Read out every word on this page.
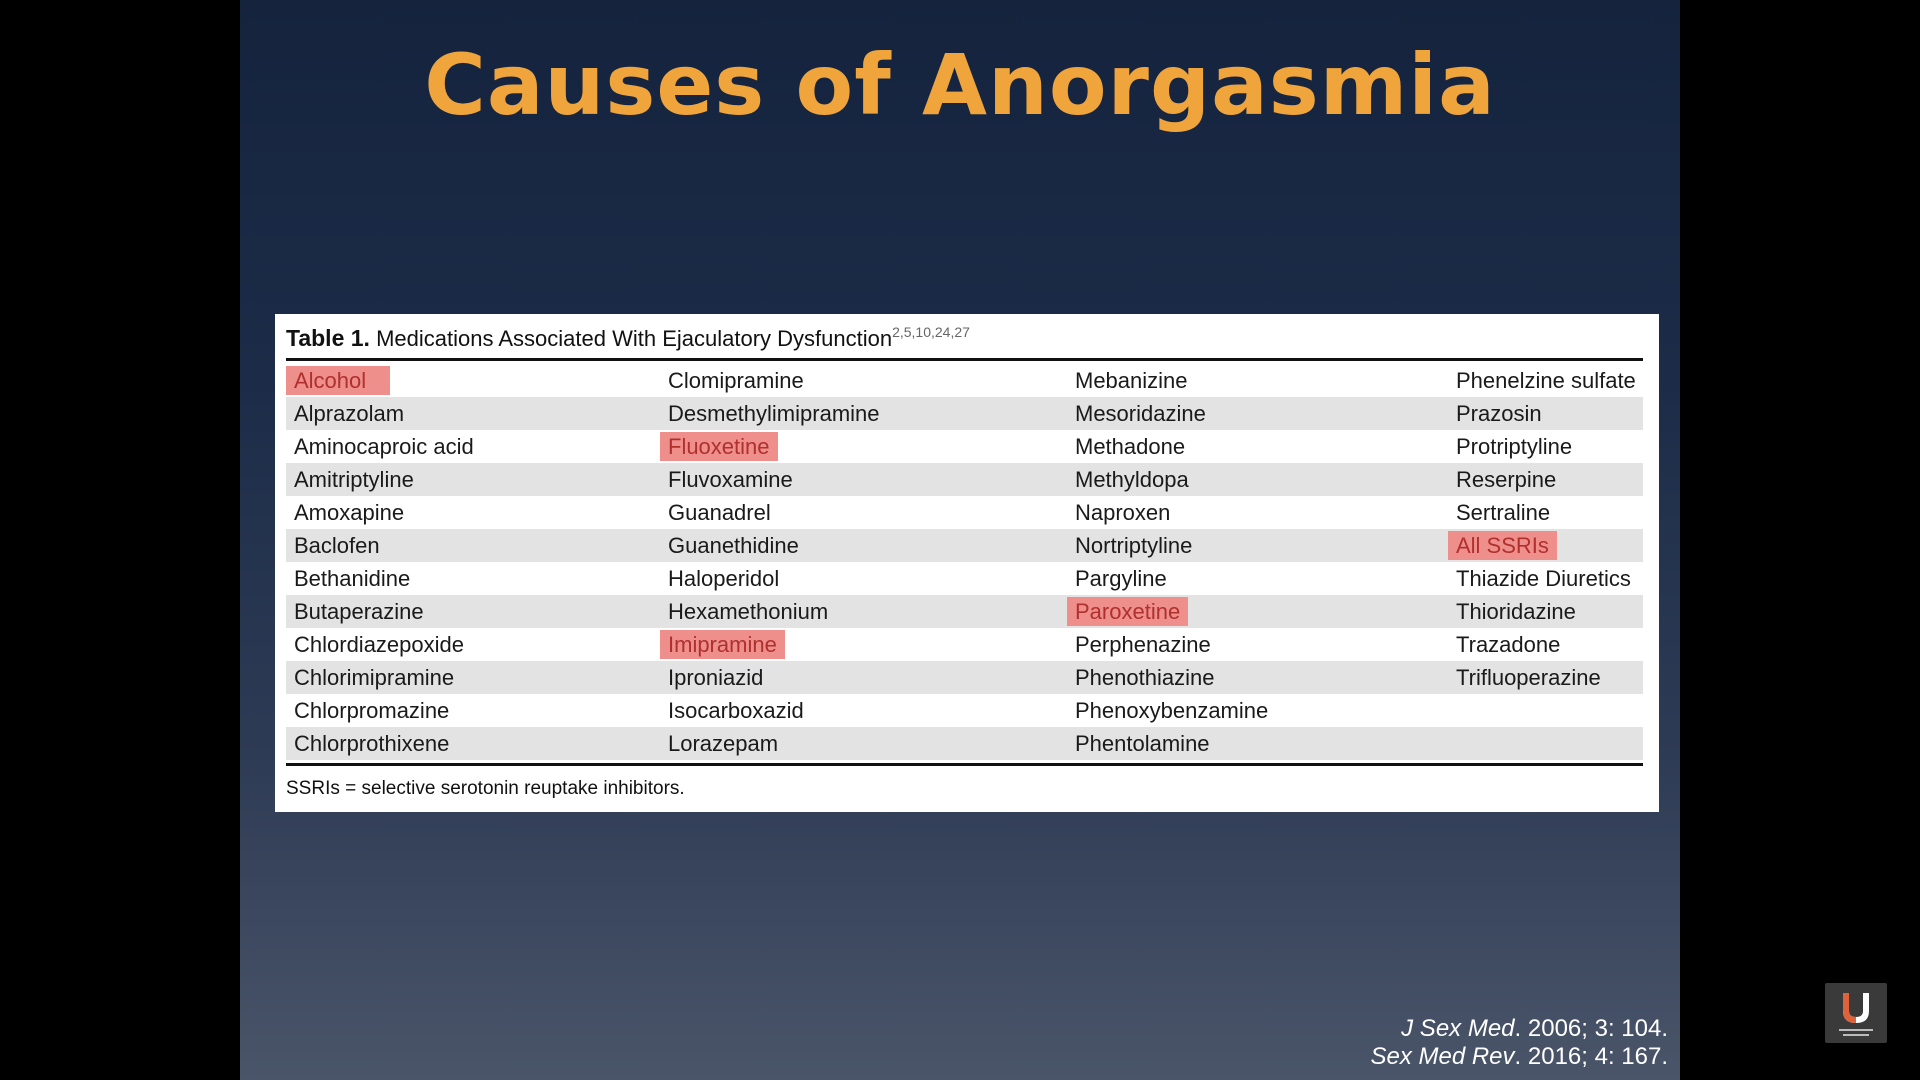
Causes of Anorgasmia
Table 1. Medications Associated With Ejaculatory Dysfunction$^{2,5,10,24,27}$
Alcohol	Clomipramine	Mebanizine	Phenelzine sulfate
Alprazolam	Desmethylimipramine	Mesoridazine	Prazosin
Aminocaproic acid	Fluoxetine	Methadone	Protriptyline
Amitriptyline	Fluvoxamine	Methyldopa	Reserpine
Amoxapine	Guanadrel	Naproxen	Sertraline
Baclofen	Guanethidine	Nortriptyline	All SSRIs
Bethanidine	Haloperidol	Pargyline	Thiazide Diuretics
Butaperazine	Hexamethonium	Paroxetine	Thioridazine
Chlordiazepoxide	Imipramine	Perphenazine	Trazadone
Chlorimipramine	Iproniazid	Phenothiazine	Trifluoperazine
Chlorpromazine	Isocarboxazid	Phenoxybenzamine
Chlorprothixene	Lorazepam	Phentolamine
SSRIs = selective serotonin reuptake inhibitors.
J Sex Med. 2006; 3: 104.
Sex Med Rev. 2016; 4: 167.
